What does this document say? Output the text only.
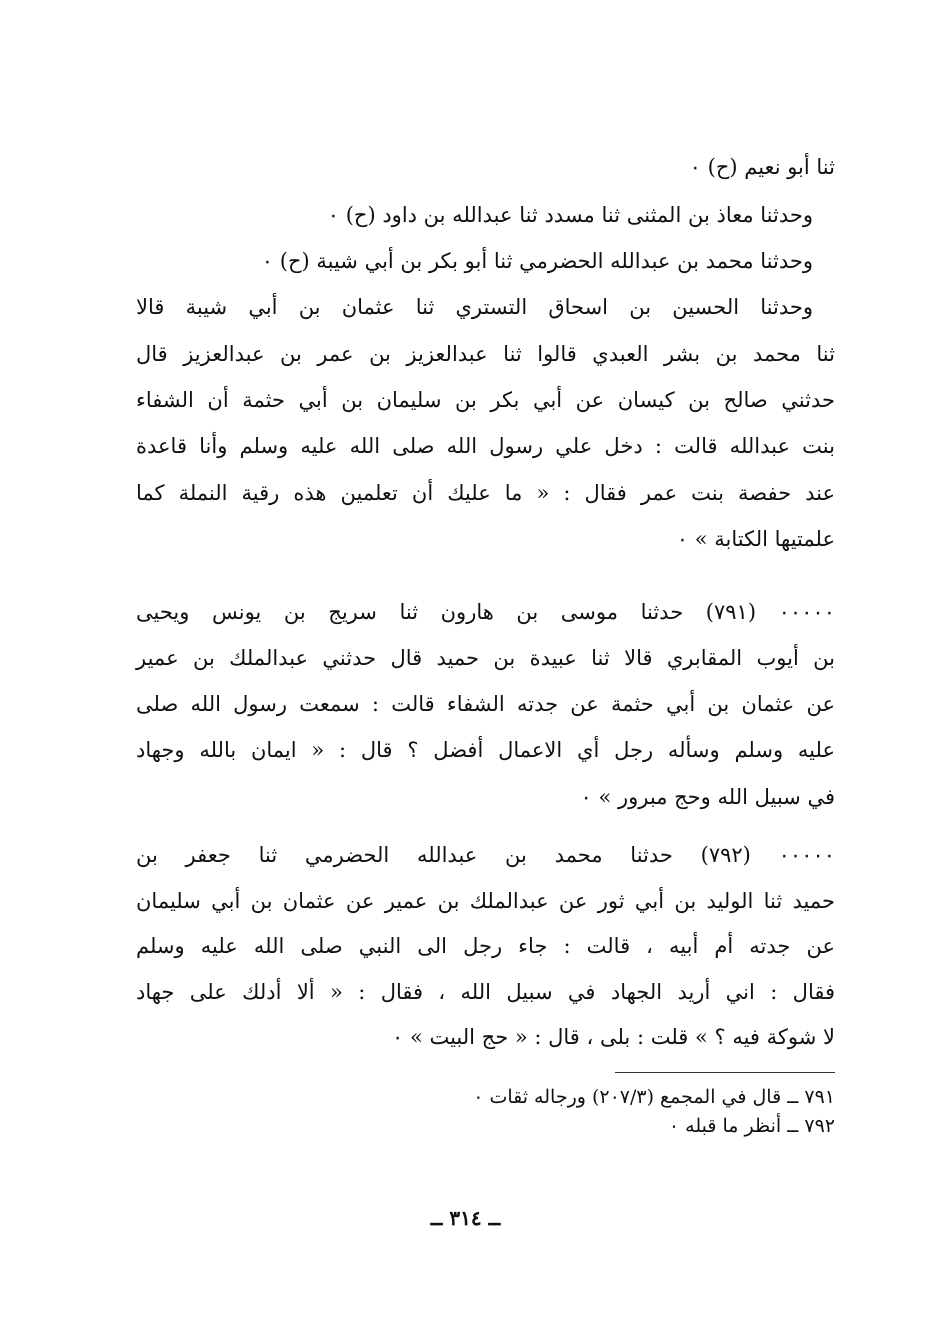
ثنا أبو نعيم (ح) ٠
وحدثنا معاذ بن المثنى ثنا مسدد ثنا عبدالله بن داود (ح) ٠
وحدثنا محمد بن عبدالله الحضرمي ثنا أبو بكر بن أبي شيبة (ح) ٠
وحدثنا الحسين بن اسحاق التستري ثنا عثمان بن أبي شيبة قالا
ثنا محمد بن بشر العبدي قالوا ثنا عبدالعزيز بن عمر بن عبدالعزيز قال
حدثني صالح بن كيسان عن أبي بكر بن سليمان بن أبي حثمة أن الشفاء
بنت عبدالله قالت : دخل علي رسول الله صلى الله عليه وسلم وأنا قاعدة
عند حفصة بنت عمر فقال : « ما عليك أن تعلمين هذه رقية النملة كما
علمتيها الكتابة » ٠
٠٠٠٠٠ (٧٩١) حدثنا موسى بن هارون ثنا سريج بن يونس ويحيى
بن أيوب المقابري قالا ثنا عبيدة بن حميد قال حدثني عبدالملك بن عمير
عن عثمان بن أبي حثمة عن جدته الشفاء قالت : سمعت رسول الله صلى
عليه وسلم وسأله رجل أي الاعمال أفضل ؟ قال : « ايمان بالله وجهاد
في سبيل الله وحج مبرور » ٠
٠٠٠٠٠ (٧٩٢) حدثنا محمد بن عبدالله الحضرمي ثنا جعفر بن
حميد ثنا الوليد بن أبي ثور عن عبدالملك بن عمير عن عثمان بن أبي سليمان
عن جدته أم أبيه ، قالت : جاء رجل الى النبي صلى الله عليه وسلم
فقال : اني أريد الجهاد في سبيل الله ، فقال : « ألا أدلك على جهاد
لا شوكة فيه ؟ » قلت : بلى ، قال : « حج البيت » ٠
٧٩١ ــ قال في المجمع (٢٠٧/٣) ورجاله ثقات ٠
٧٩٢ ــ أنظر ما قبله ٠
ــ ٣١٤ ــ
